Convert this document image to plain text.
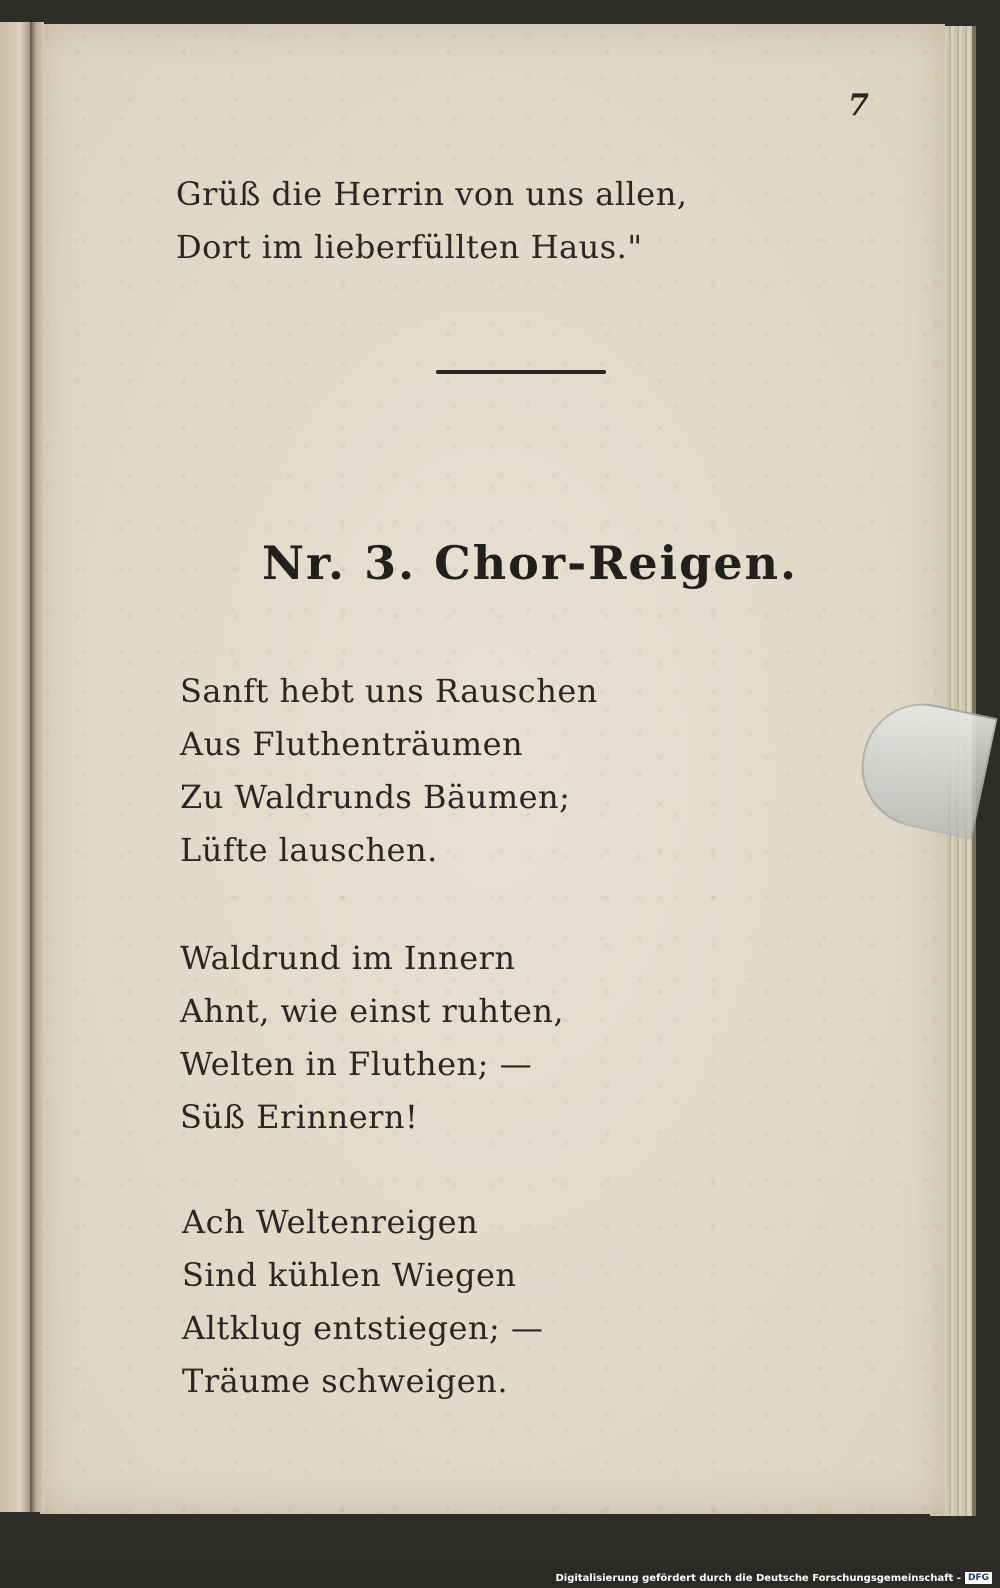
7
Grüß die Herrin von uns allen,
Dort im lieberfüllten Haus."
Nr. 3. Chor-Reigen.
Sanft hebt uns Rauschen
Aus Fluthenträumen
Zu Waldrunds Bäumen;
Lüfte lauschen.
Waldrund im Innern
Ahnt, wie einst ruhten,
Welten in Fluthen; —
Süß Erinnern!
Ach Weltenreigen
Sind kühlen Wiegen
Altklug entstiegen; —
Träume schweigen.
Digitalisierung gefördert durch die Deutsche Forschungsgemeinschaft - DFG
